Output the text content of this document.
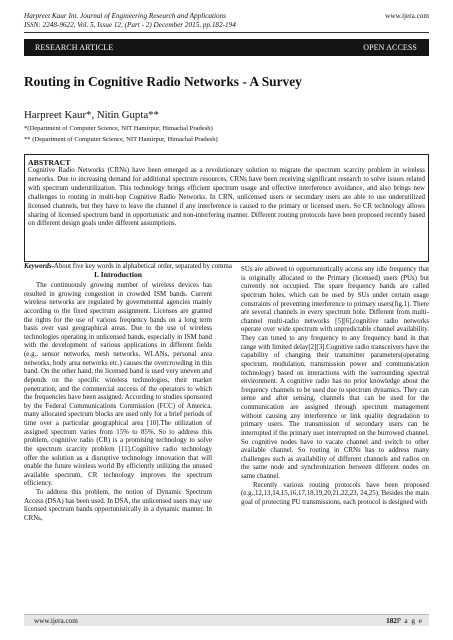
Harpreet Kaur Int. Journal of Engineering Research and Applications
ISSN: 2248-9622, Vol. 5, Issue 12, (Part - 2) December 2015, pp.182-194
www.ijera.com
RESEARCH ARTICLE	OPEN ACCESS
Routing in Cognitive Radio Networks - A Survey
Harpreet Kaur*, Nitin Gupta**
*(Department of Computer Science, NIT Hamirpur, Himachal Pradesh)
** (Department of Computer Science, NIT Hamirpur, Himachal Pradesh)
ABSTRACT
Cognitive Radio Networks (CRNs) have been emerged as a revolutionary solution to migrate the spectrum scarcity problem in wireless networks. Due to increasing demand for additional spectrum resources, CRNs have been receiving significant research to solve issues related with spectrum underutilization. This technology brings efficient spectrum usage and effective interference avoidance, and also brings new challenges to routing in multi-hop Cognitive Radio Networks. In CRN, unlicensed users or secondary users are able to use underutilized licensed channels, but they have to leave the channel if any interference is caused to the primary or licensed users. So CR technology allows sharing of licensed spectrum band in opportunistic and non-interfering manner. Different routing protocols have been proposed recently based on different design goals under different assumptions.
Keywords-About five key words in alphabetical order, separated by comma
I. Introduction

The continuously growing number of wireless devices has resulted in growing congestion in crowded ISM bands. Current wireless networks are regulated by governmental agencies mainly according to the fixed spectrum assignment. Licenses are granted the rights for the use of various frequency bands on a long term basis over vast geographical areas. Due to the use of wireless technologies operating in unlicensed bands, especially in ISM band with the development of various applications in different fields (e.g., sensor networks, mesh networks, WLANs, personal area networks, body area networks etc.) causes the overcrowding in this band. On the other hand, the licensed band is used very uneven and depends on the specific wireless technologies, their market penetration, and the commercial success of the operators to which the frequencies have been assigned. According to studies sponsored by the Federal Communications Commission (FCC) of America, many allocated spectrum blocks are used only for a brief periods of time over a particular geographical area [10].The utilization of assigned spectrum varies from 15% to 85%. So to address this problem, cognitive radio (CR) is a promising technology to solve the spectrum scarcity problem [11].Cognitive radio technology offer the solution as a disruptive technology innovation that will enable the future wireless world By efficiently utilizing the unused available spectrum, CR technology improves the spectrum efficiency.

To address this problem, the notion of Dynamic Spectrum Access (DSA) has been used. In DSA, the unlicensed users may use licensed spectrum bands opportunistically in a dynamic manner. In CRNs,

SUs are allowed to opportunistically access any idle frequency that is originally allocated to the Primary (licensed) users (PUs) but currently not occupied. The spare frequency bands are called spectrum holes, which can be used by SUs under certain usage constraints of preventing interference to primary users(fig.1). There are several channels in every spectrum hole. Different from multi-channel multi-radio networks [5][6],cognitive radio networks operate over wide spectrum with unpredictable channel availability. They can tuned to any frequency to any frequency band in that range with limited delay[2][3].Cognitive radio transceivers have the capability of changing their transmitter parameters(operating spectrum, modulation, transmission power and communication technology) based on interactions with the surrounding spectral environment. A cognitive radio has no prior knowledge about the frequency channels to be used due to spectrum dynamics. They can sense and after sensing, channels that can be used for the communication are assigned through spectrum management without causing any interference or link quality degradation to primary users. The transmission of secondary users can be interrupted if the primary user interrupted on the burrowed channel. So cognitive nodes have to vacate channel and switch to other available channel. So routing in CRNs has to address many challenges such as availability of different channels and radios on the same node and synchronization between different nodes on same channel.

Recently various routing protocols have been proposed (e.g.,12,13,14,15,16,17,18,19,20,21,22,23, 24,25). Besides the main goal of protecting PU transmissions, each protocol is designed with

www.ijera.com	182P a g e
